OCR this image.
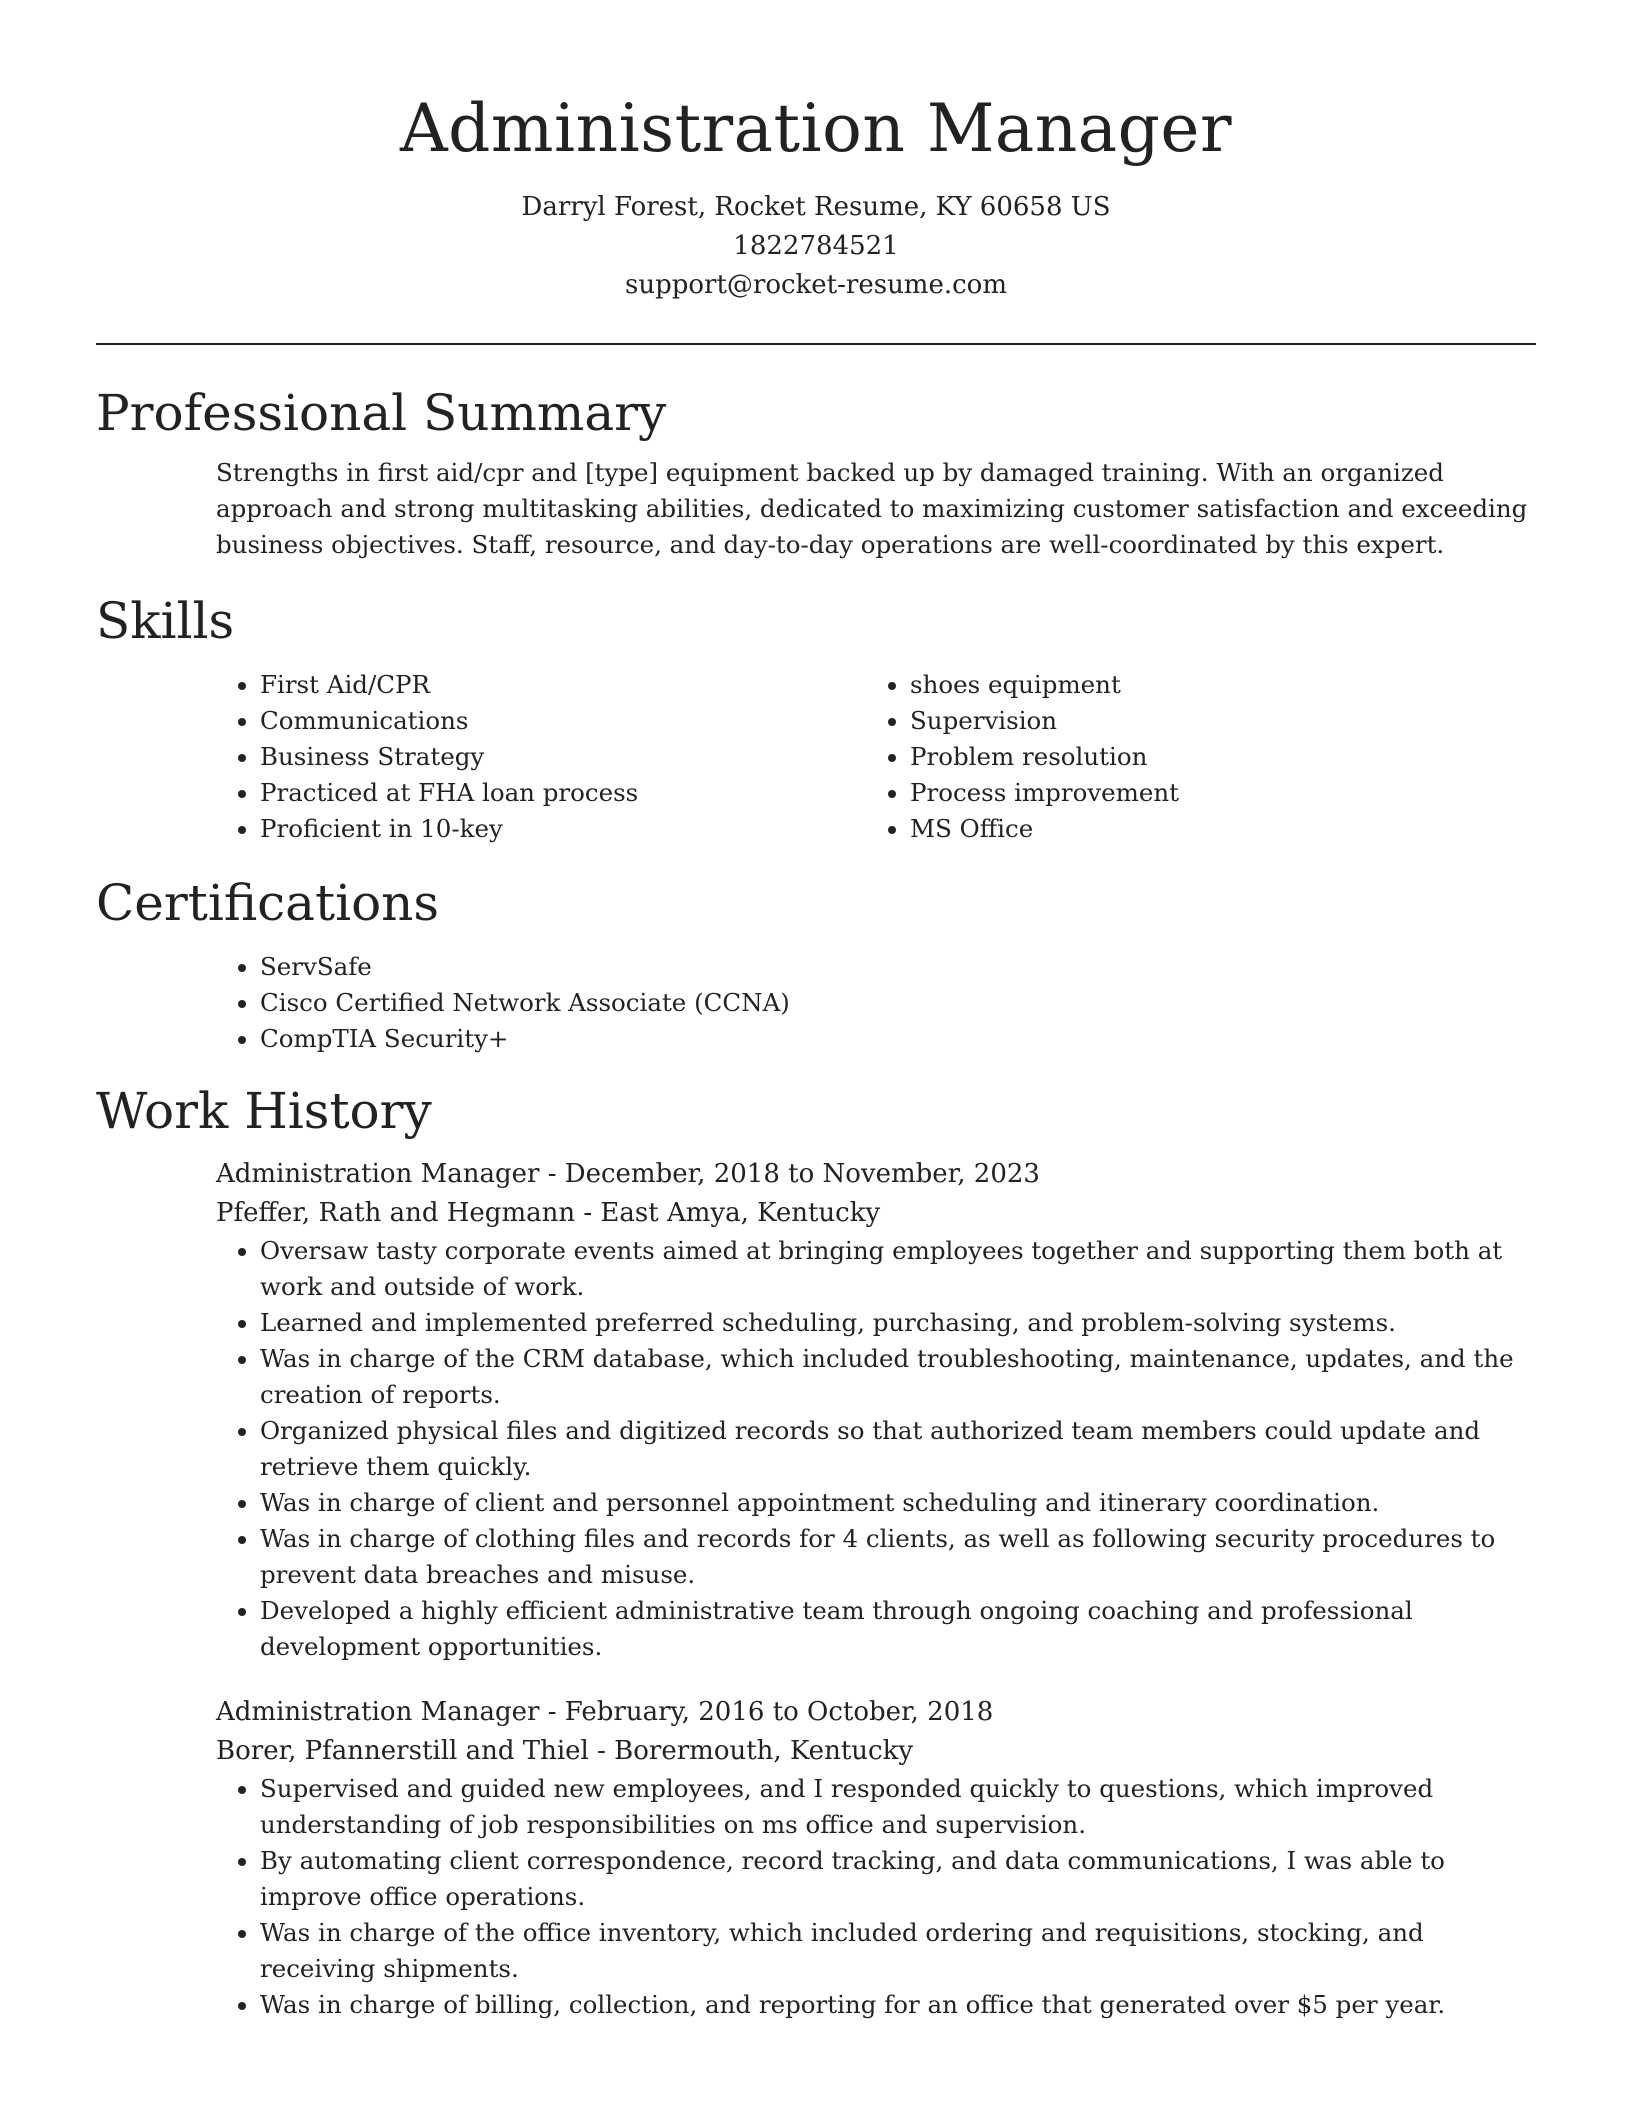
Administration Manager

Darryl Forest, Rocket Resume, KY 60658 US

1822784521

support@rocket-resume.com

Professional Summary

Strengths in first aid/cpr and [type] equipment backed up by damaged training. With an organized approach and strong multitasking abilities, dedicated to maximizing customer satisfaction and exceeding business objectives. Staff, resource, and day-to-day operations are well-coordinated by this expert.

Skills
• First Aid/CPR
• Communications
• Business Strategy
• Practiced at FHA loan process
• Proficient in 10-key
• shoes equipment
• Supervision
• Problem resolution
• Process improvement
• MS Office
Certifications
• ServSafe
• Cisco Certified Network Associate (CCNA)
• CompTIA Security+
Work History

Administration Manager - December, 2018 to November, 2023

Pfeffer, Rath and Hegmann - East Amya, Kentucky

• Oversaw tasty corporate events aimed at bringing employees together and supporting them both at work and outside of work.
• Learned and implemented preferred scheduling, purchasing, and problem-solving systems.
• Was in charge of the CRM database, which included troubleshooting, maintenance, updates, and the creation of reports.
• Organized physical files and digitized records so that authorized team members could update and retrieve them quickly.
• Was in charge of client and personnel appointment scheduling and itinerary coordination.
• Was in charge of clothing files and records for 4 clients, as well as following security procedures to prevent data breaches and misuse.
• Developed a highly efficient administrative team through ongoing coaching and professional development opportunities.

Administration Manager - February, 2016 to October, 2018

Borer, Pfannerstill and Thiel - Borermouth, Kentucky

• Supervised and guided new employees, and I responded quickly to questions, which improved understanding of job responsibilities on ms office and supervision.
• By automating client correspondence, record tracking, and data communications, I was able to improve office operations.
• Was in charge of the office inventory, which included ordering and requisitions, stocking, and receiving shipments.
• Was in charge of billing, collection, and reporting for an office that generated over $5 per year.
